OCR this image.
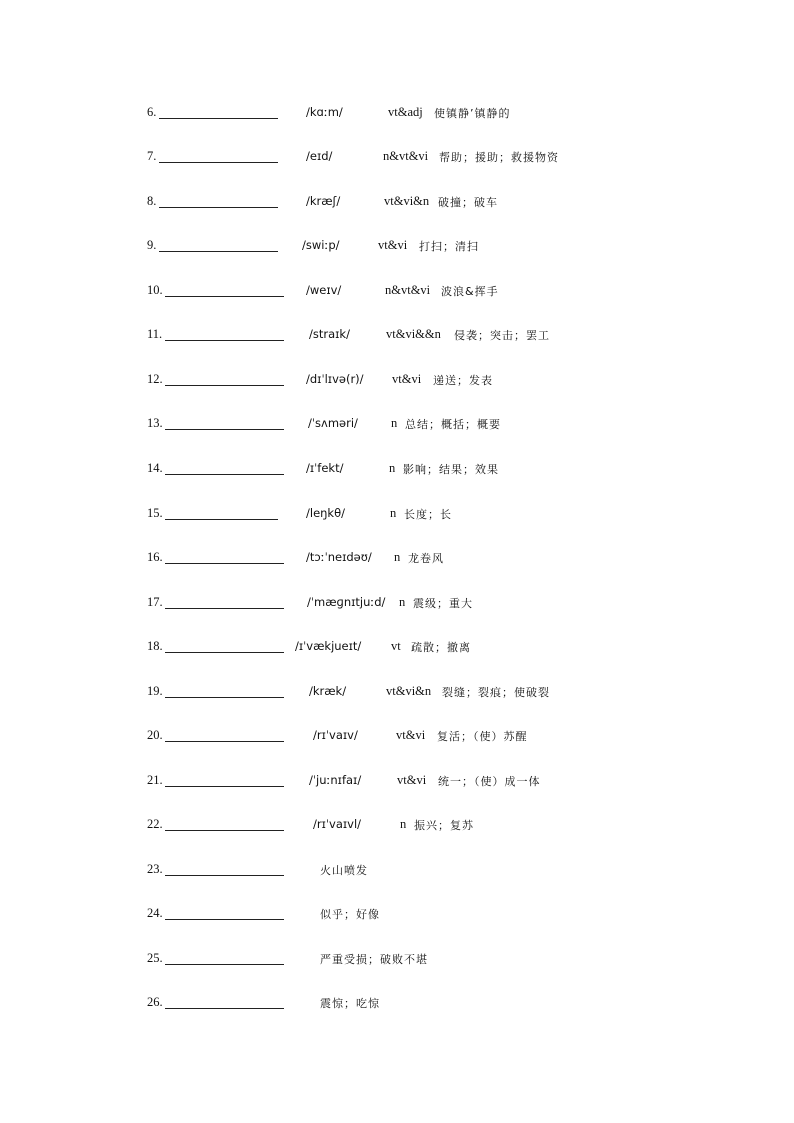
6.	/kɑːm/	vt&adj 使镇静’镇静的
7.	/eɪd/	n&vt&vi 帮助；援助；救援物资
8.	/kræʃ/	vt&vi&n 破撞；破车
9.	/swiːp/	vt&vi 打扫；清扫
10.	/weɪv/	n&vt&vi 波浪&挥手
11.	/straɪk/	vt&vi&&n 侵袭；突击；罢工
12.	/dɪˈlɪvə(r)/ vt&vi 递送；发表
13.	/ˈsʌməri/	n 总结；概括；概要
14.	/ɪˈfekt/	n 影响；结果；效果
15.	/leŋkθ/	n 长度；长
16.	/tɔːˈneɪdəʊ/ n 龙卷风
17.	/ˈmæɡnɪtjuːd/ n 震级；重大
18.	/ɪˈvækjueɪt/ vt 疏散；撤离
19.	/kræk/	vt&vi&n 裂缝；裂痕；使破裂
20.	/rɪˈvaɪv/	vt&vi 复活；（使）苏醒
21.	/ˈjuːnɪfaɪ/	vt&vi 统一；（使）成一体
22.	/rɪˈvaɪvl/	n 振兴；复苏
23.	火山喷发
24.	似乎；好像
25.	严重受损；破败不堪
26.	震惊；吃惊
